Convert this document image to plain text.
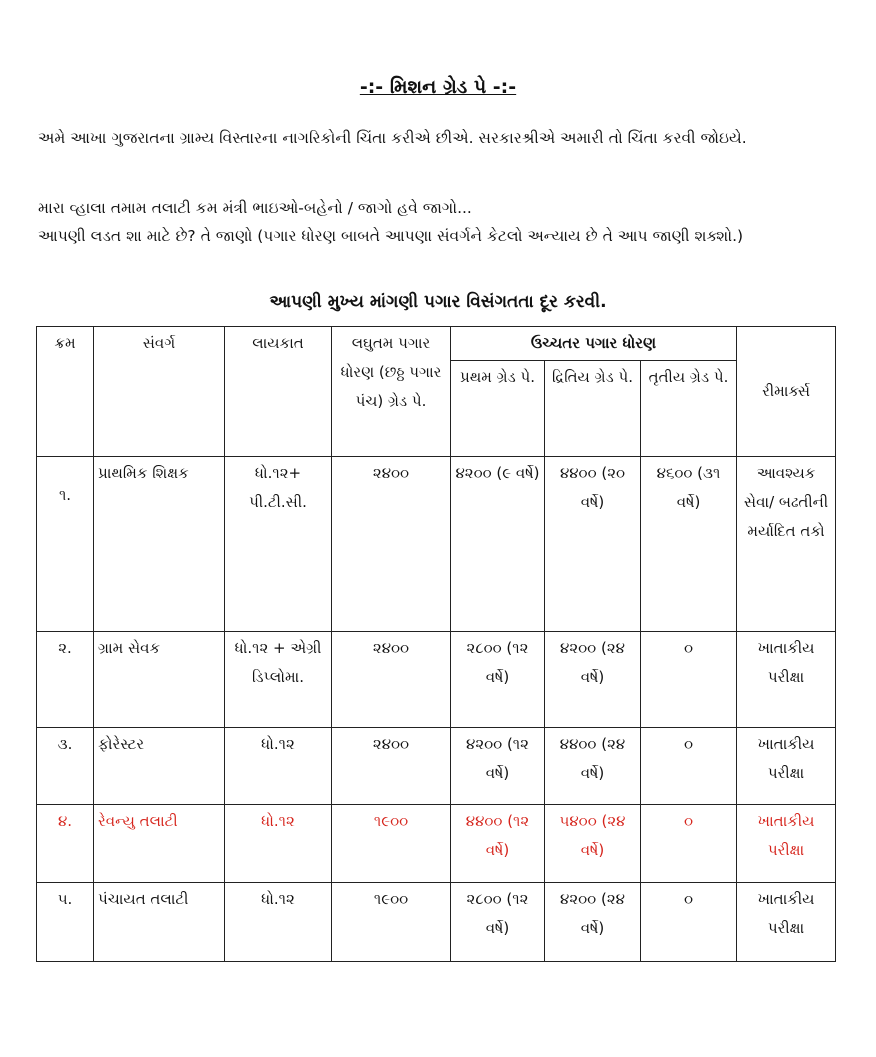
-:- મિશન ગ્રેડ પે -:-
અમે આખા ગુજરાતના ગ્રામ્ય વિસ્તારના નાગરિકોની ચિંતા કરીએ છીએ. સરકારશ્રીએ અમારી તો ચિંતા કરવી જોઇયે.
મારા વ્હાલા તમામ તલાટી કમ મંત્રી ભાઇઓ-બહેનો / જાગો હવે જાગો...
આપણી લડત શા માટે છે? તે જાણો (પગાર ધોરણ બાબતે આપણા સંવર્ગને કેટલો અન્યાય છે તે આપ જાણી શક્શો.)
આપણી મુખ્ય માંગણી પગાર વિસંગતતા દૂર કરવી.
ક્રમ	સંવર્ગ	લાયકાત	લઘુતમ પગાર ધોરણ (છઠ્ઠ પગાર પંચ) ગ્રેડ પે.	ઉચ્ચતર પગાર ધોરણ			રીમાર્ક્સ
				પ્રથમ ગ્રેડ પે.	દ્રિતિય ગ્રેડ પે.	તૃતીય ગ્રેડ પે.	
૧.	પ્રાથમિક શિક્ષક	ધો.૧૨+ પી.ટી.સી.	૨૪૦૦	૪૨૦૦ (૯ વર્ષે)	૪૪૦૦ (૨૦ વર્ષે)	૪૬૦૦ (૩૧ વર્ષે)	આવશ્યક સેવા/ બઢતીની મર્યાદિત તકો
૨.	ગ્રામ સેવક	ધો.૧૨ + એગ્રી ડિપ્લોમા.	૨૪૦૦	૨૮૦૦ (૧૨ વર્ષે)	૪૨૦૦ (૨૪ વર્ષે)	૦	ખાતાકીય પરીક્ષા
૩.	ફોરેસ્ટર	ધો.૧૨	૨૪૦૦	૪૨૦૦ (૧૨ વર્ષે)	૪૪૦૦ (૨૪ વર્ષે)	૦	ખાતાકીય પરીક્ષા
૪.	રેવન્યુ તલાટી	ધો.૧૨	૧૯૦૦	૪૪૦૦ (૧૨ વર્ષે)	૫૪૦૦ (૨૪ વર્ષે)	૦	ખાતાકીય પરીક્ષા
૫.	પંચાયત તલાટી	ધો.૧૨	૧૯૦૦	૨૮૦૦ (૧૨ વર્ષે)	૪૨૦૦ (૨૪ વર્ષે)	૦	ખાતાકીય પરીક્ષા
